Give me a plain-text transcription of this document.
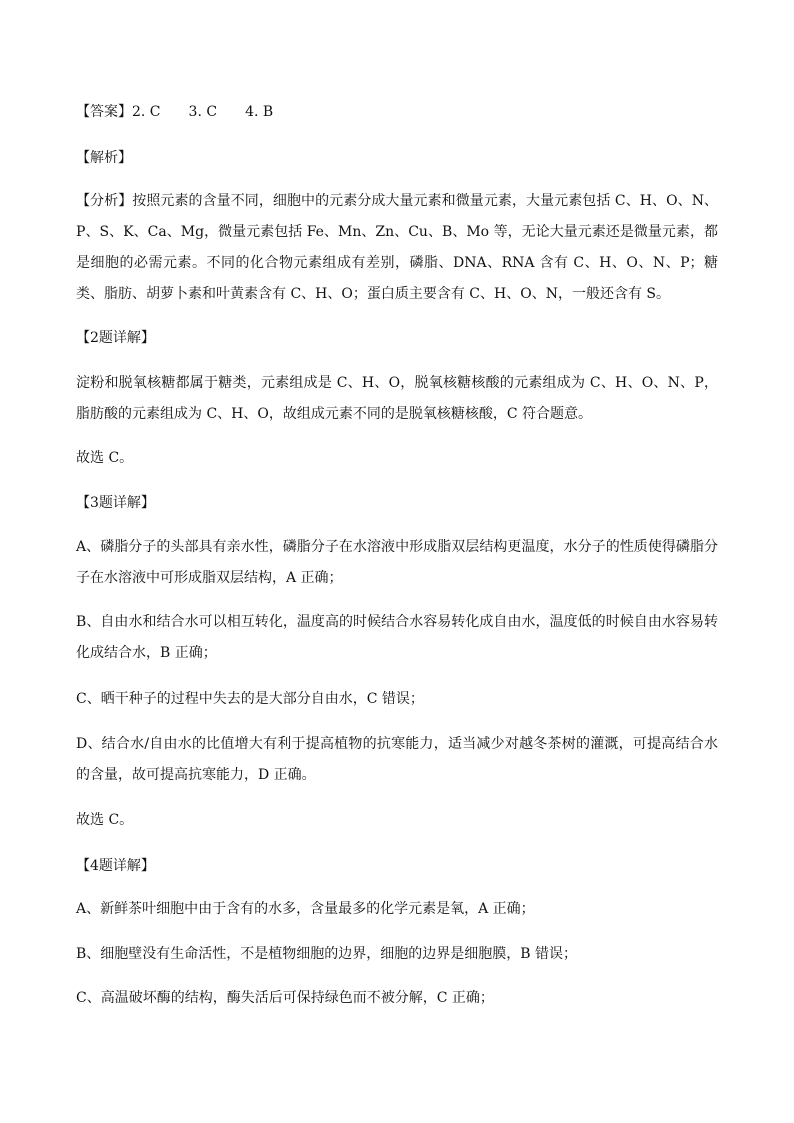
【答案】2. C 3. C 4. B

【解析】

【分析】按照元素的含量不同，细胞中的元素分成大量元素和微量元素，大量元素包括 C、H、O、N、P、S、K、Ca、Mg，微量元素包括 Fe、Mn、Zn、Cu、B、Mo 等，无论大量元素还是微量元素，都是细胞的必需元素。不同的化合物元素组成有差别，磷脂、DNA、RNA 含有 C、H、O、N、P；糖类、脂肪、胡萝卜素和叶黄素含有 C、H、O；蛋白质主要含有 C、H、O、N，一般还含有 S。

【2题详解】

淀粉和脱氧核糖都属于糖类，元素组成是 C、H、O，脱氧核糖核酸的元素组成为 C、H、O、N、P，脂肪酸的元素组成为 C、H、O，故组成元素不同的是脱氧核糖核酸，C 符合题意。

故选 C。

【3题详解】

A、磷脂分子的头部具有亲水性，磷脂分子在水溶液中形成脂双层结构更温度，水分子的性质使得磷脂分子在水溶液中可形成脂双层结构，A 正确；

B、自由水和结合水可以相互转化，温度高的时候结合水容易转化成自由水，温度低的时候自由水容易转化成结合水，B 正确；

C、晒干种子的过程中失去的是大部分自由水，C 错误；

D、结合水/自由水的比值增大有利于提高植物的抗寒能力，适当减少对越冬茶树的灌溉，可提高结合水的含量，故可提高抗寒能力，D 正确。

故选 C。

【4题详解】

A、新鲜茶叶细胞中由于含有的水多，含量最多的化学元素是氧，A 正确；

B、细胞壁没有生命活性，不是植物细胞的边界，细胞的边界是细胞膜，B 错误；

C、高温破坏酶的结构，酶失活后可保持绿色而不被分解，C 正确；
